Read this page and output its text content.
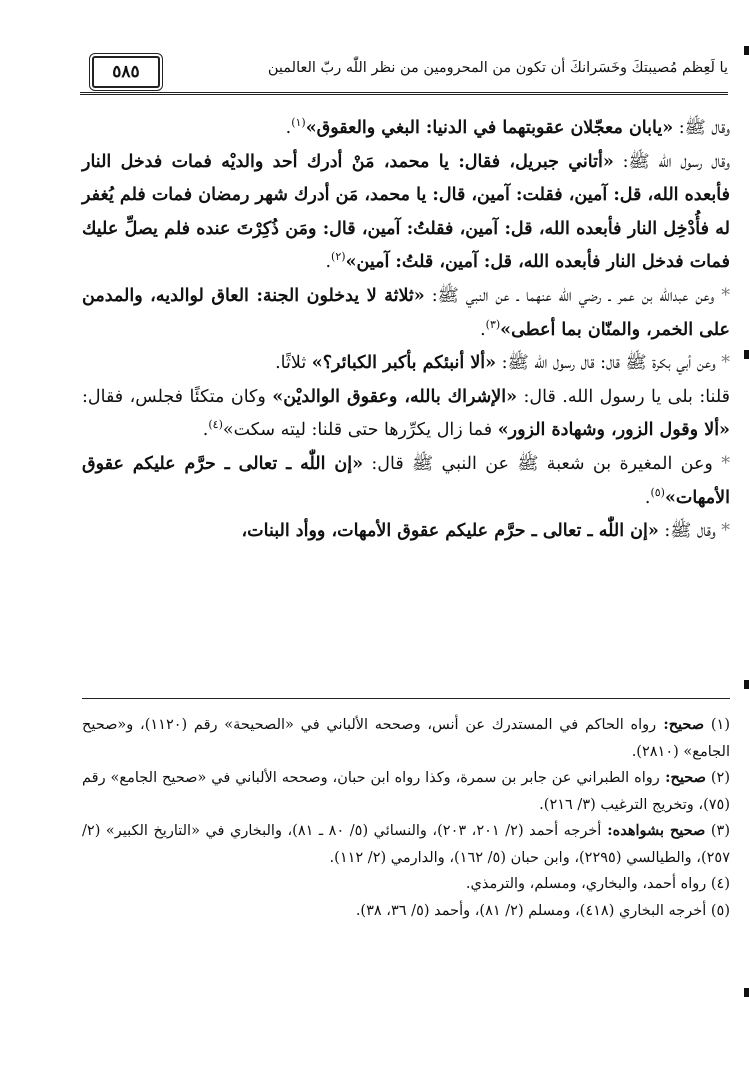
٥٨٥	يا لَعِظم مُصيبتكَ وخَسَرانكَ أن تكون من المحرومين من نظر اللّٰه ربّ العالمين

وقال ﷺ: «يابان معجّلان عقوبتهما في الدنيا: البغي والعقوق»$^{(١)}$.

وقال رسول اللّٰه ﷺ: «أتاني جبريل، فقال: يا محمد، مَنْ أدرك أحد والديْه فمات فدخل النار فأبعده الله، قل: آمين، فقلت: آمين، قال: يا محمد، مَن أدرك شهر رمضان فمات فلم يُغفر له فأُدْخِل النار فأبعده الله، قل: آمين، فقلتُ: آمين، قال: ومَن ذُكِرْتَ عنده فلم يصلِّ عليك فمات فدخل النار فأبعده الله، قل: آمين، قلتُ: آمين»$^{(٢)}$.

* وعن عبداللّٰه بن عمر ـ رضي اللّٰه عنهما ـ عن النبي ﷺ: «ثلاثة لا يدخلون الجنة: العاق لوالديه، والمدمن على الخمر، والمنّان بما أعطى»$^{(٣)}$.

* وعن أبي بكرة ﷺ قال: قال رسول اللّٰه ﷺ: «ألا أنبئكم بأكبر الكبائر؟» ثلاثًا.

قلنا: بلى يا رسول الله. قال: «الإشراك بالله، وعقوق الوالديْن» وكان متكئًا فجلس، فقال: «ألا وقول الزور، وشهادة الزور» فما زال يكرِّرها حتى قلنا: ليته سكت»$^{(٤)}$.

* وعن المغيرة بن شعبة ﷺ عن النبي ﷺ قال: «إن اللّٰه ـ تعالى ـ حرَّم عليكم عقوق الأمهات»$^{(٥)}$.

* وقال ﷺ: «إن اللّٰه ـ تعالى ـ حرَّم عليكم عقوق الأمهات، ووأد البنات،

(١) صحيح: رواه الحاكم في المستدرك عن أنس، وصححه الألباني في «الصحيحة» رقم (١١٢٠)، و«صحيح الجامع» (٢٨١٠).

(٢) صحيح: رواه الطبراني عن جابر بن سمرة، وكذا رواه ابن حبان، وصححه الألباني في «صحيح الجامع» رقم (٧٥)، وتخريج الترغيب (٣/ ٢١٦).

(٣) صحيح بشواهده: أخرجه أحمد (٢/ ٢٠١، ٢٠٣)، والنسائي (٥/ ٨٠ ـ ٨١)، والبخاري في «التاريخ الكبير» (٢/ ٢٥٧)، والطيالسي (٢٢٩٥)، وابن حبان (٥/ ١٦٢)، والدارمي (٢/ ١١٢).

(٤) رواه أحمد، والبخاري، ومسلم، والترمذي.

(٥) أخرجه البخاري (٤١٨)، ومسلم (٢/ ٨١)، وأحمد (٥/ ٣٦، ٣٨).
